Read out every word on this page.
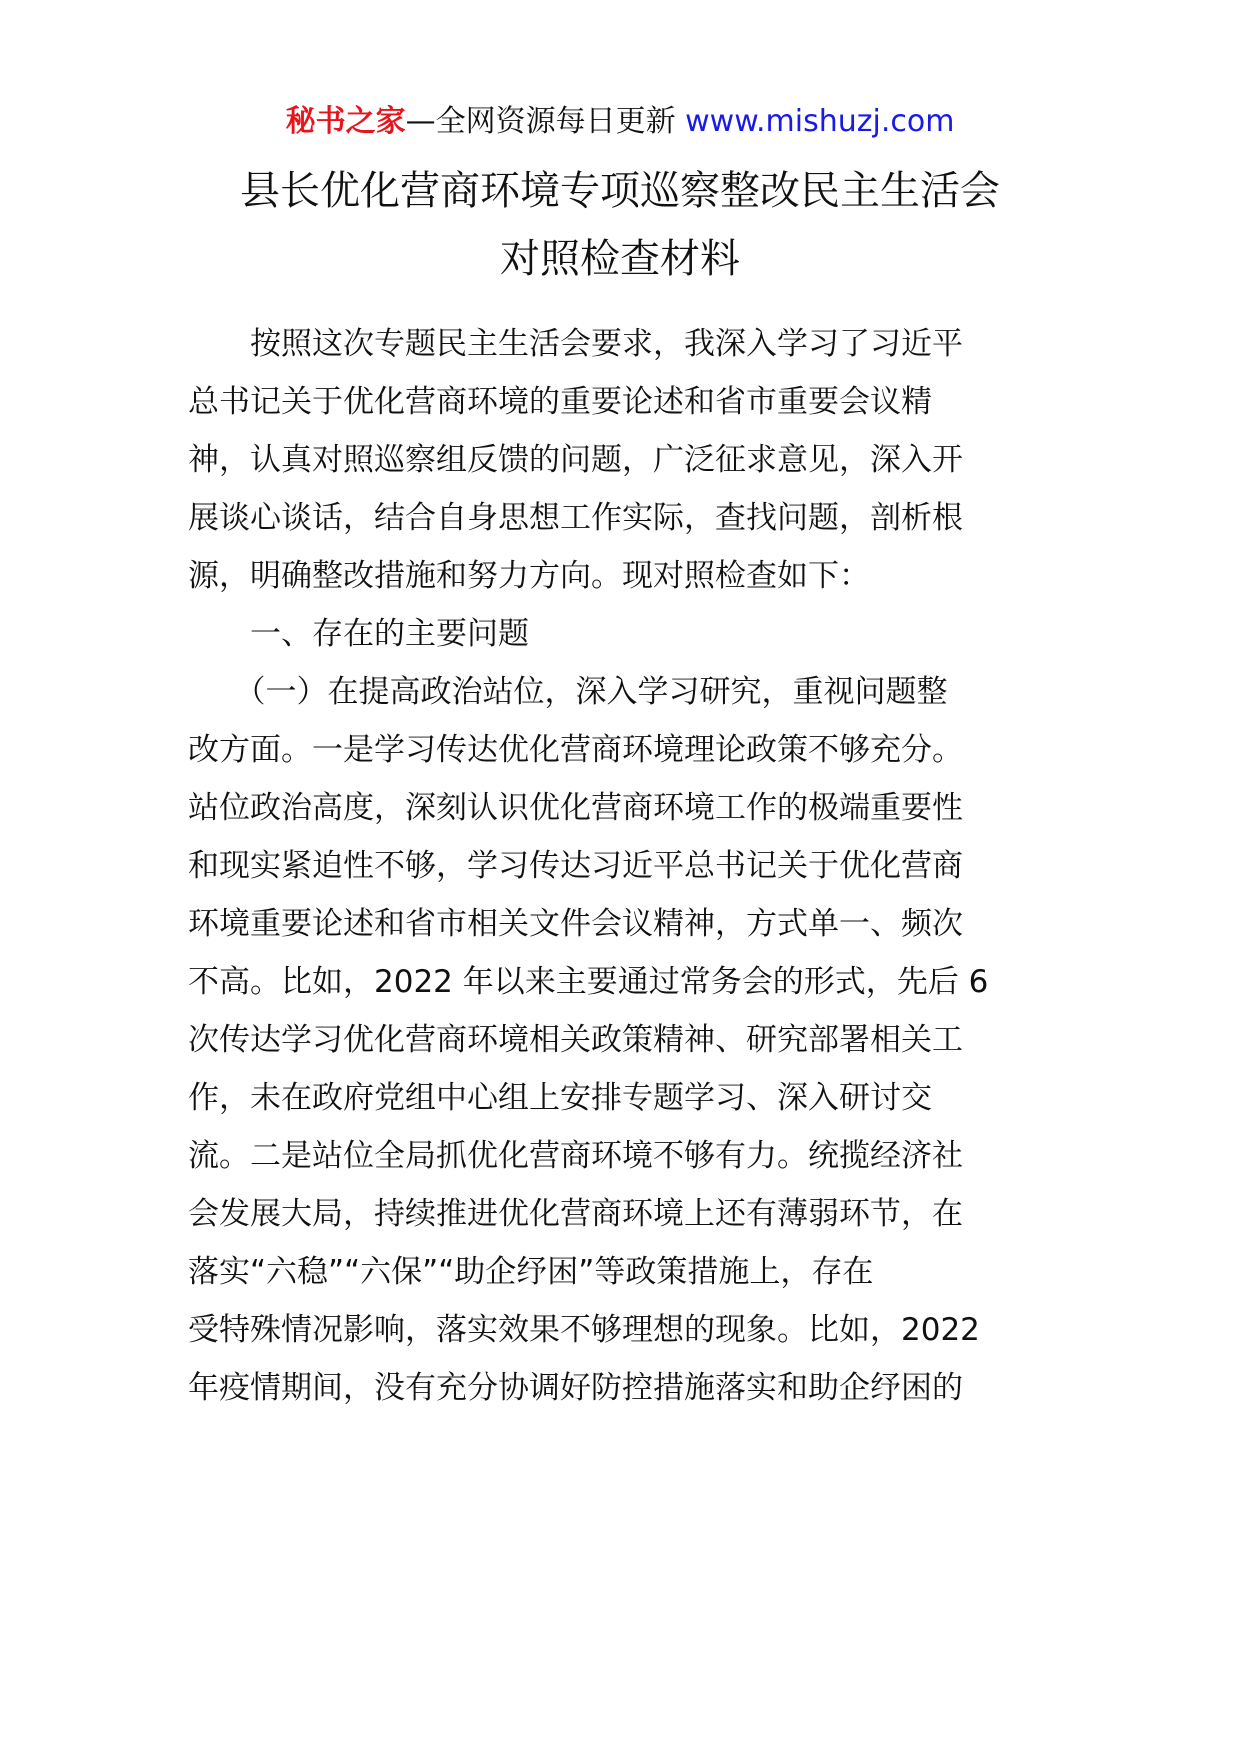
秘书之家—全网资源每日更新 www.mishuzj.com
县长优化营商环境专项巡察整改民主生活会
对照检查材料
　　按照这次专题民主生活会要求，我深入学习了习近平
总书记关于优化营商环境的重要论述和省市重要会议精
神，认真对照巡察组反馈的问题，广泛征求意见，深入开
展谈心谈话，结合自身思想工作实际，查找问题，剖析根
源，明确整改措施和努力方向。现对照检查如下：
　　一、存在的主要问题
　　（一）在提高政治站位，深入学习研究，重视问题整
改方面。一是学习传达优化营商环境理论政策不够充分。
站位政治高度，深刻认识优化营商环境工作的极端重要性
和现实紧迫性不够，学习传达习近平总书记关于优化营商
环境重要论述和省市相关文件会议精神，方式单一、频次
不高。比如，2022 年以来主要通过常务会的形式，先后 6
次传达学习优化营商环境相关政策精神、研究部署相关工
作，未在政府党组中心组上安排专题学习、深入研讨交
流。二是站位全局抓优化营商环境不够有力。统揽经济社
会发展大局，持续推进优化营商环境上还有薄弱环节，在
落实“六稳”“六保”“助企纾困”等政策措施上，存在
受特殊情况影响，落实效果不够理想的现象。比如，2022
年疫情期间，没有充分协调好防控措施落实和助企纾困的
